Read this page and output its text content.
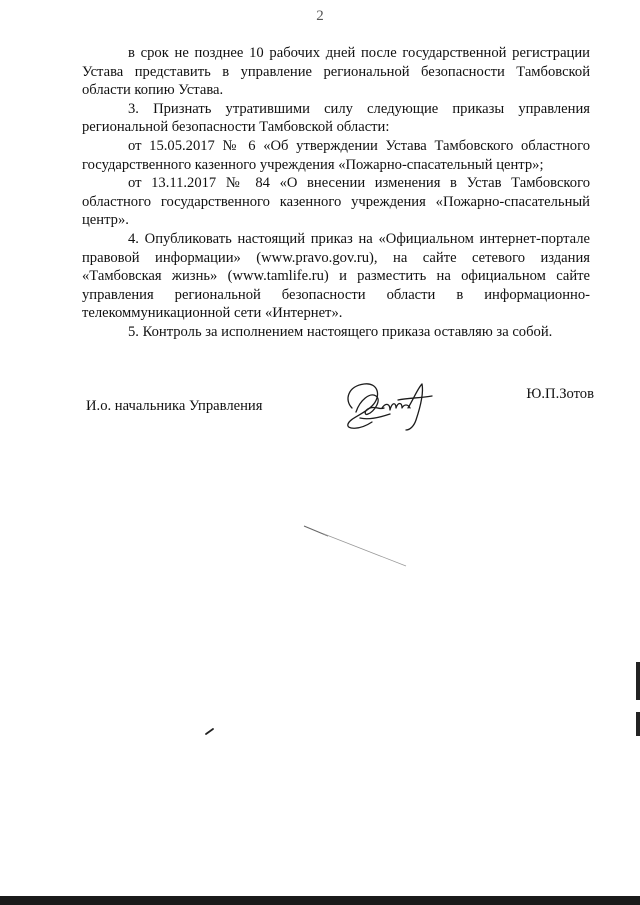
2

в срок не позднее 10 рабочих дней после государственной регистрации Устава представить в управление региональной безопасности Тамбовской области копию Устава.

3. Признать утратившими силу следующие приказы управления региональной безопасности Тамбовской области:

от 15.05.2017 № 6 «Об утверждении Устава Тамбовского областного государственного казенного учреждения «Пожарно-спасательный центр»;

от 13.11.2017 № 84 «О внесении изменения в Устав Тамбовского областного государственного казенного учреждения «Пожарно-спасательный центр».

4. Опубликовать настоящий приказ на «Официальном интернет-портале правовой информации» (www.pravo.gov.ru), на сайте сетевого издания «Тамбовская жизнь» (www.tamlife.ru) и разместить на официальном сайте управления региональной безопасности области в информационно-телекоммуникационной сети «Интернет».

5. Контроль за исполнением настоящего приказа оставляю за собой.

И.о. начальника Управления
Ю.П.Зотов
